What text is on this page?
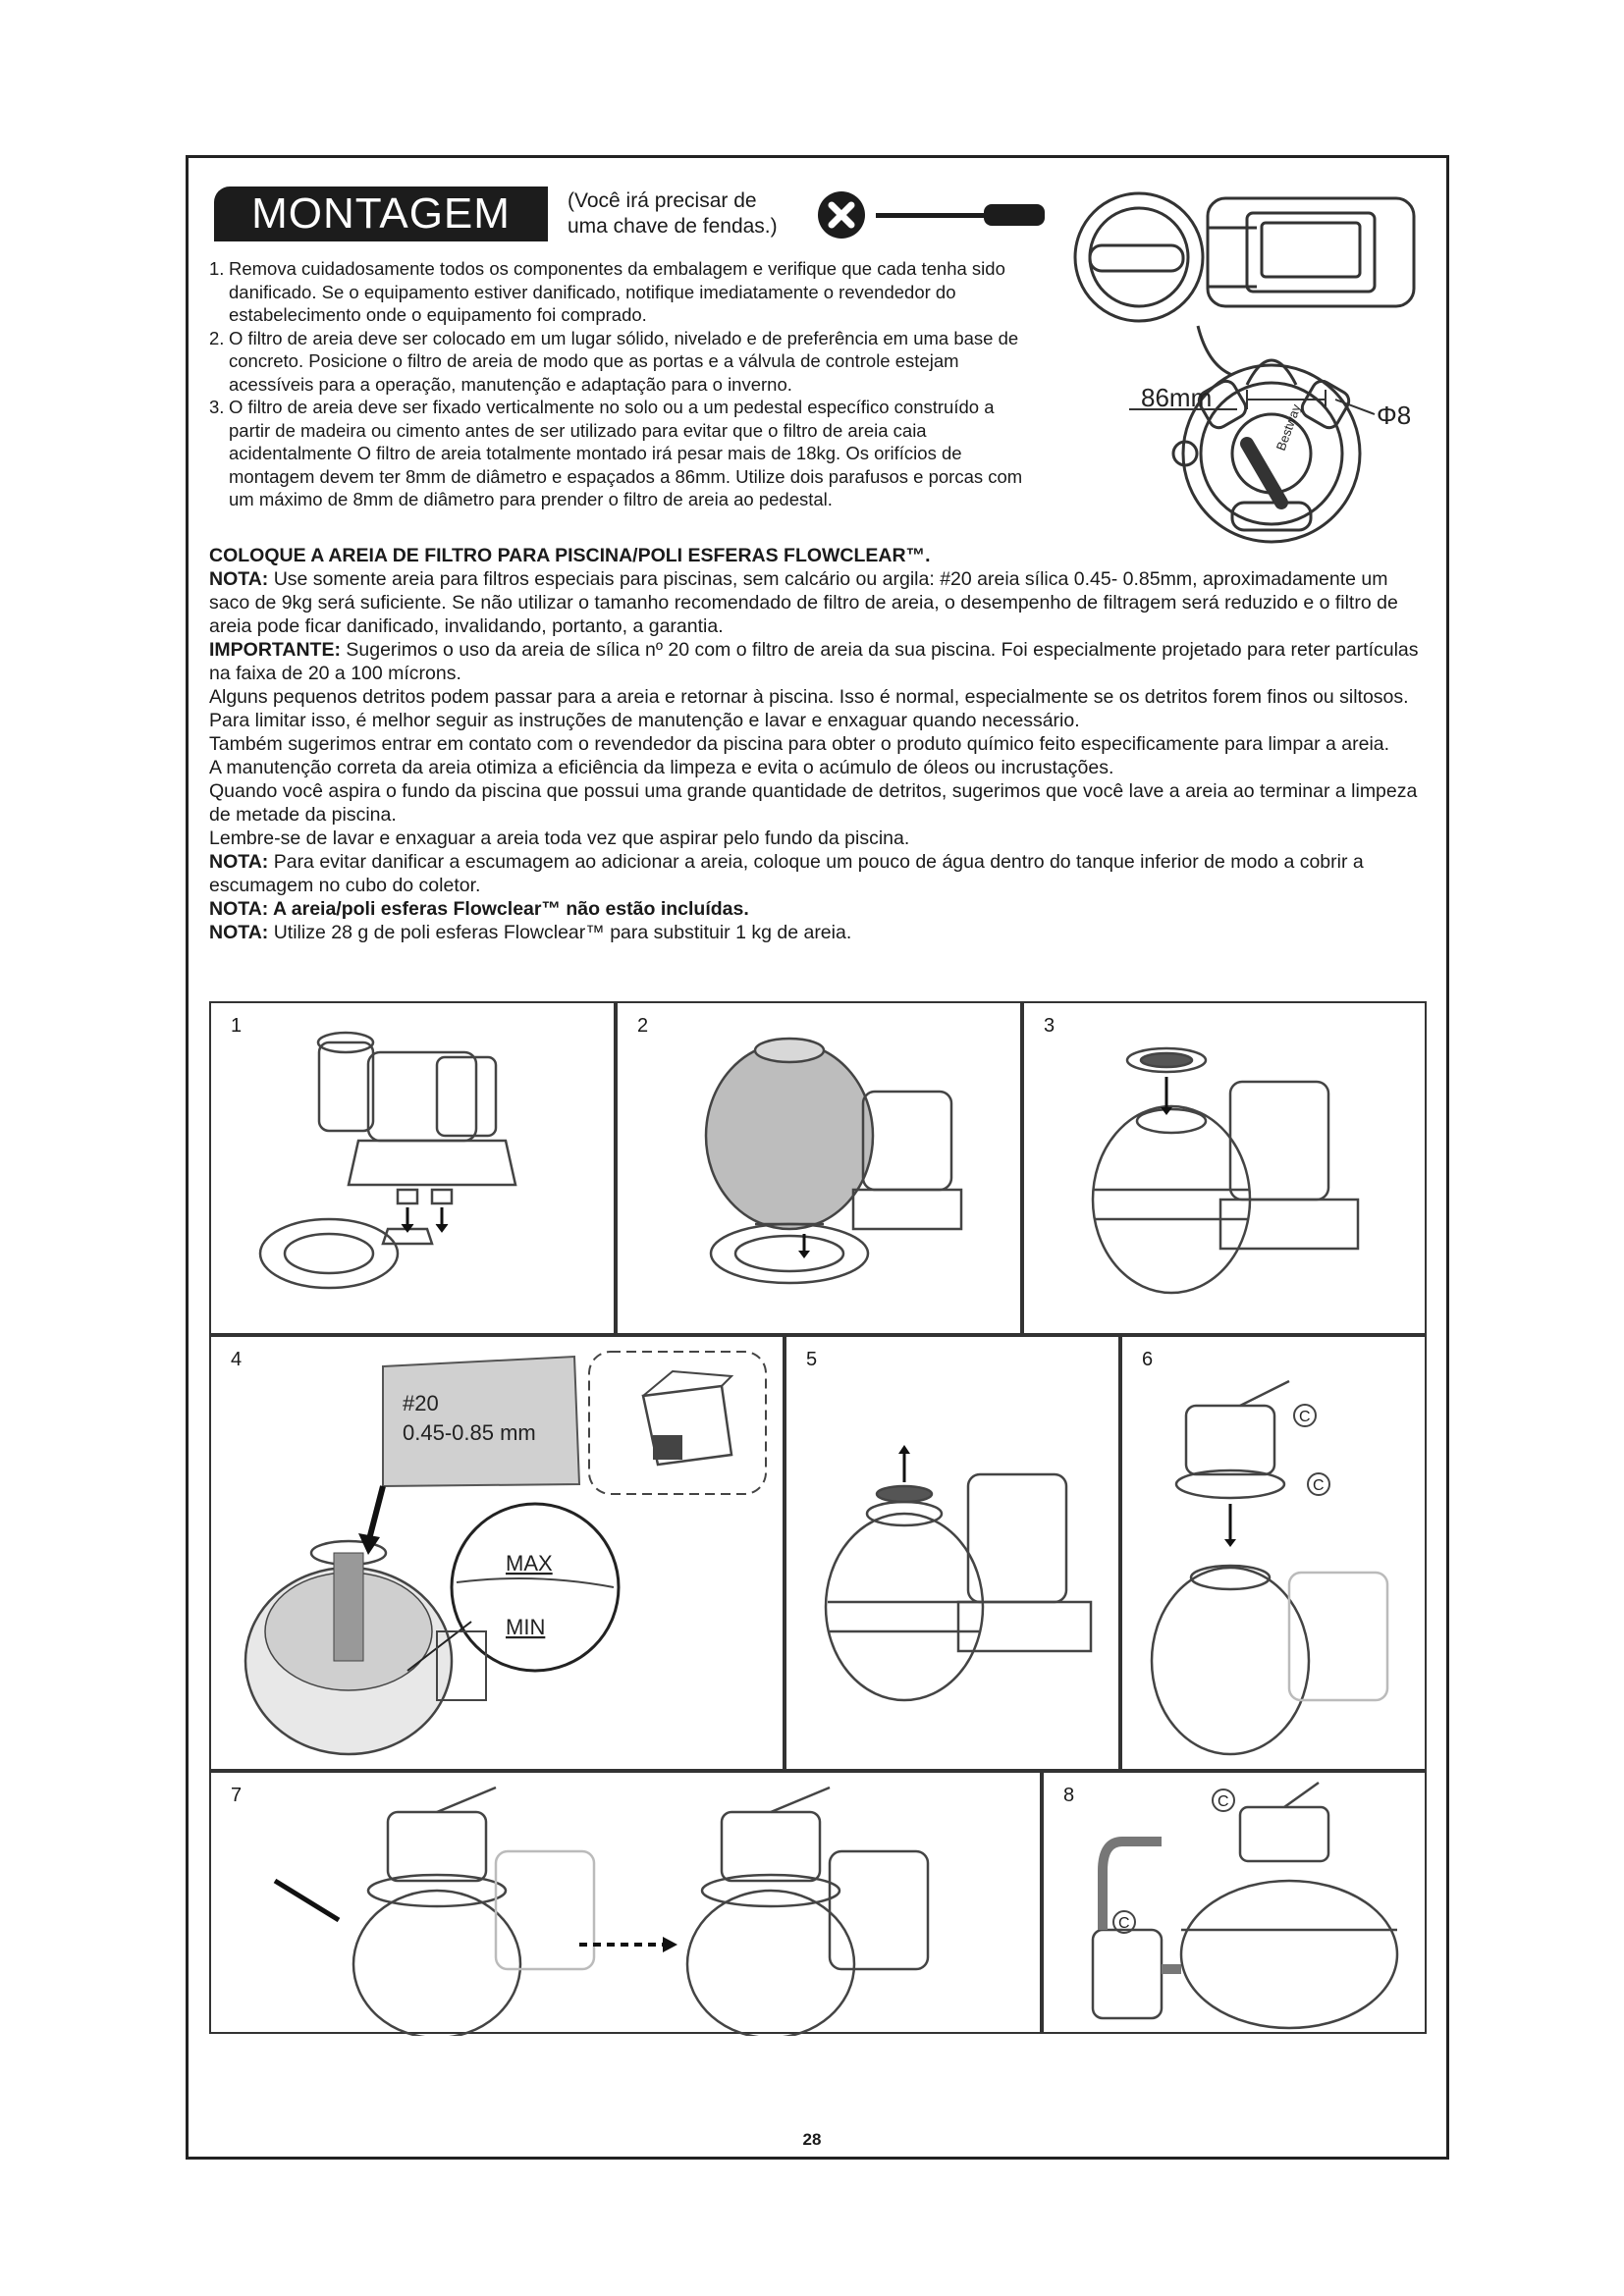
MONTAGEM	(Você irá precisar de uma chave de fendas.)
1. Remova cuidadosamente todos os componentes da embalagem e verifique que cada tenha sido danificado. Se o equipamento estiver danificado, notifique imediatamente o revendedor do estabelecimento onde o equipamento foi comprado.
2. O filtro de areia deve ser colocado em um lugar sólido, nivelado e de preferência em uma base de concreto. Posicione o filtro de areia de modo que as portas e a válvula de controle estejam acessíveis para a operação, manutenção e adaptação para o inverno.
3. O filtro de areia deve ser fixado verticalmente no solo ou a um pedestal específico construído a partir de madeira ou cimento antes de ser utilizado para evitar que o filtro de areia caia acidentalmente O filtro de areia totalmente montado irá pesar mais de 18kg. Os orifícios de montagem devem ter 8mm de diâmetro e espaçados a 86mm. Utilize dois parafusos e porcas com um máximo de 8mm de diâmetro para prender o filtro de areia ao pedestal.
86mm
Φ8
Bestway

COLOQUE A AREIA DE FILTRO PARA PISCINA/POLI ESFERAS FLOWCLEAR™.

NOTA: Use somente areia para filtros especiais para piscinas, sem calcário ou argila: #20 areia sílica 0.45- 0.85mm, aproximadamente um saco de 9kg será suficiente. Se não utilizar o tamanho recomendado de filtro de areia, o desempenho de filtragem será reduzido e o filtro de areia pode ficar danificado, invalidando, portanto, a garantia.

IMPORTANTE: Sugerimos o uso da areia de sílica nº 20 com o filtro de areia da sua piscina. Foi especialmente projetado para reter partículas na faixa de 20 a 100 mícrons.

Alguns pequenos detritos podem passar para a areia e retornar à piscina. Isso é normal, especialmente se os detritos forem finos ou siltosos.

Para limitar isso, é melhor seguir as instruções de manutenção e lavar e enxaguar quando necessário.

Também sugerimos entrar em contato com o revendedor da piscina para obter o produto químico feito especificamente para limpar a areia.

A manutenção correta da areia otimiza a eficiência da limpeza e evita o acúmulo de óleos ou incrustações.

Quando você aspira o fundo da piscina que possui uma grande quantidade de detritos, sugerimos que você lave a areia ao terminar a limpeza de metade da piscina.

Lembre-se de lavar e enxaguar a areia toda vez que aspirar pelo fundo da piscina.

NOTA: Para evitar danificar a escumagem ao adicionar a areia, coloque um pouco de água dentro do tanque inferior de modo a cobrir a escumagem no cubo do coletor.

NOTA: A areia/poli esferas Flowclear™ não estão incluídas.

NOTA: Utilize 28 g de poli esferas Flowclear™ para substituir 1 kg de areia.

1	2	3
4
#20
0.45-0.85 mm
MAX
MIN
5	6
C
C
7	8	C
C
28
